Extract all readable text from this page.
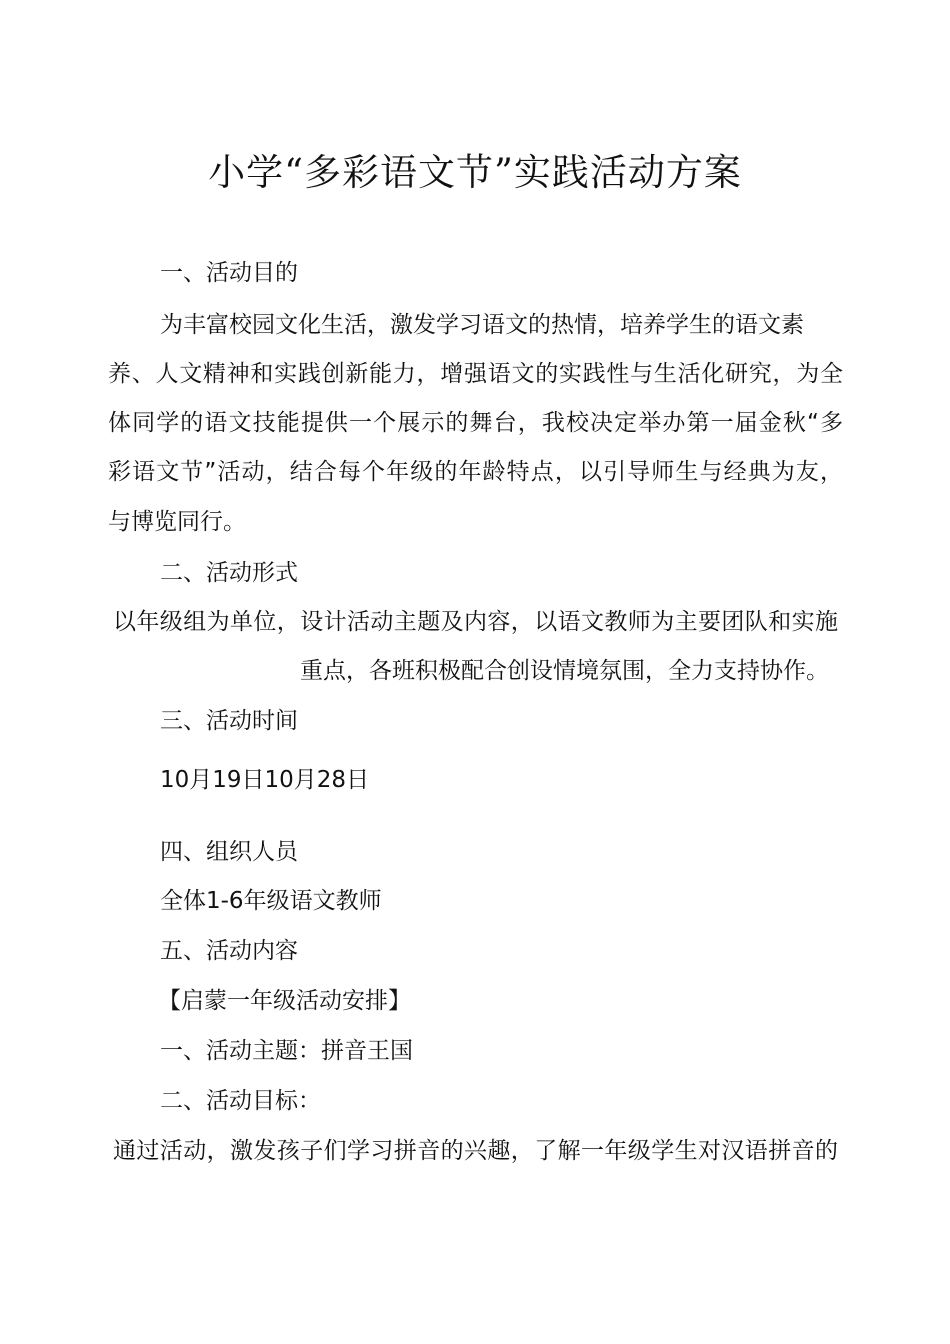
小学“多彩语文节”实践活动方案
一、活动目的
为丰富校园文化生活，激发学习语文的热情，培养学生的语文素
养、人文精神和实践创新能力，增强语文的实践性与生活化研究，为全
体同学的语文技能提供一个展示的舞台，我校决定举办第一届金秋“多
彩语文节”活动，结合每个年级的年龄特点，以引导师生与经典为友，
与博览同行。
二、活动形式
以年级组为单位，设计活动主题及内容，以语文教师为主要团队和实施
重点，各班积极配合创设情境氛围，全力支持协作。
三、活动时间
10月19日10月28日
四、组织人员
全体1-6年级语文教师
五、活动内容
【启蒙一年级活动安排】
一、活动主题：拼音王国
二、活动目标：
通过活动，激发孩子们学习拼音的兴趣，了解一年级学生对汉语拼音的
